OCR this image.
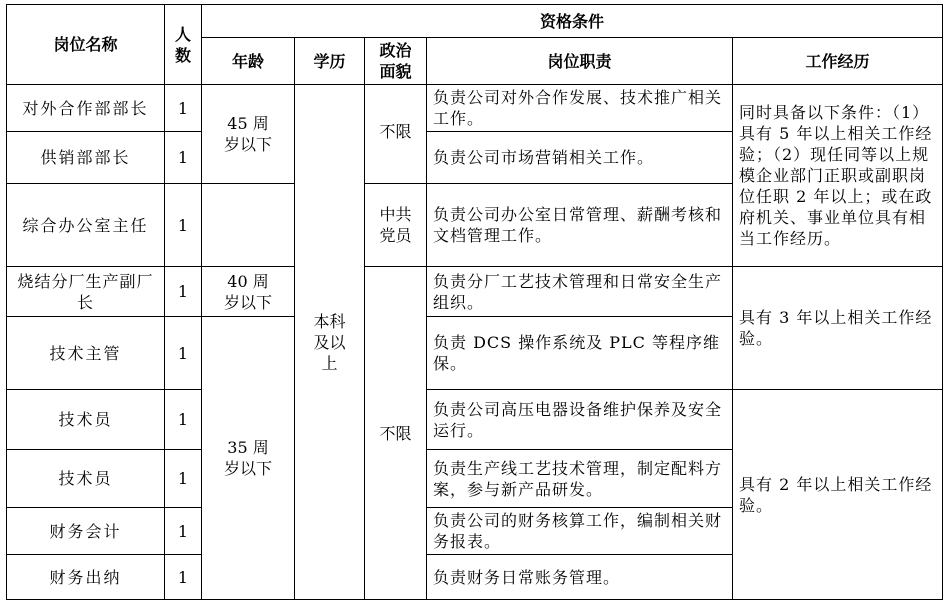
岗位名称	人数	资格条件				
		年龄	学历	政治面貌	岗位职责	工作经历
对外合作部部长	1	45 周岁以下	本科及以上	不限	负责公司对外合作发展、技术推广相关工作。	同时具备以下条件：（1）具有 5 年以上相关工作经验；（2）现任同等以上规模企业部门正职或副职岗位任职 2 年以上；或在政府机关、事业单位具有相当工作经历。
供销部部长	1				负责公司市场营销相关工作。	
综合办公室主任	1			中共党员	负责公司办公室日常管理、薪酬考核和文档管理工作。	
烧结分厂生产副厂长	1	40 周岁以下		不限	负责分厂工艺技术管理和日常安全生产组织。	具有 3 年以上相关工作经验。
技术主管	1	35 周岁以下			负责 DCS 操作系统及 PLC 等程序维保。	
技术员	1				负责公司高压电器设备维护保养及安全运行。	具有 2 年以上相关工作经验。
技术员	1				负责生产线工艺技术管理，制定配料方案，参与新产品研发。	
财务会计	1				负责公司的财务核算工作，编制相关财务报表。	
财务出纳	1				负责财务日常账务管理。	
